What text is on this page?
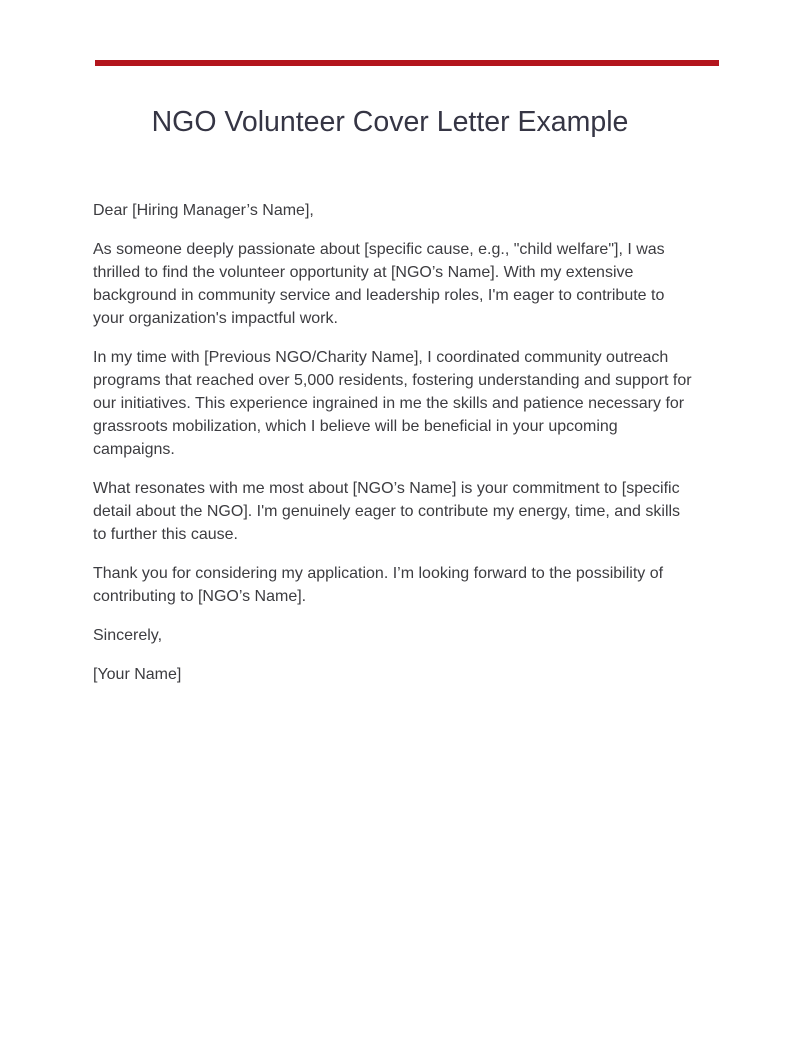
NGO Volunteer Cover Letter Example

Dear [Hiring Manager’s Name],

As someone deeply passionate about [specific cause, e.g., "child welfare"], I was thrilled to find the volunteer opportunity at [NGO’s Name]. With my extensive background in community service and leadership roles, I'm eager to contribute to your organization's impactful work.

In my time with [Previous NGO/Charity Name], I coordinated community outreach programs that reached over 5,000 residents, fostering understanding and support for our initiatives. This experience ingrained in me the skills and patience necessary for grassroots mobilization, which I believe will be beneficial in your upcoming campaigns.

What resonates with me most about [NGO’s Name] is your commitment to [specific detail about the NGO]. I'm genuinely eager to contribute my energy, time, and skills to further this cause.

Thank you for considering my application. I’m looking forward to the possibility of contributing to [NGO’s Name].

Sincerely,

[Your Name]
